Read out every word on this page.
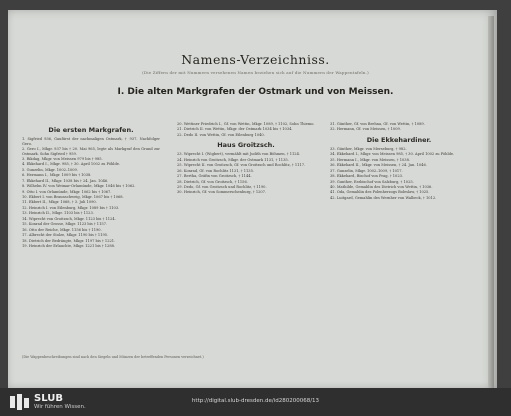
Namens-Verzeichniss.
(Die Ziffern der mit Nummern versehenen Namen beziehen sich auf die Nummern der Wappentafeln.)
I. Die alten Markgrafen der Ostmark und von Meissen.
Die ersten Markgrafen.
1. Sigfried 936, Gaufürst der nachmaligen Ostmark, † 937. Nachfolger Gero.
2. Gero I., Mkgr. 937 bis † 20. Mai 965, legte als Markgraf den Grund zur Ostmark. Sohn Sigfried † 959.
3. Rikdag, Mkgr. von Meissen 979 bis † 985.
4. Ekkehard I., Mkgr. 985, † 30. April 1002 zu Pöhlde.
5. Gunzelin, Mkgr. 1002–1009.
6. Hermann I., Mkgr. 1009 bis † 1038.
7. Ekkehard II., Mkgr. 1038 bis † 24. Jan. 1046.
8. Wilhelm IV. von Weimar-Orlamünde, Mkgr. 1046 bis † 1062.
9. Otto I. von Orlamünde, Mkgr. 1062 bis † 1067.
10. Ekbert I. von Braunschweig, Mkgr. 1067 bis † 1068.
11. Ekbert II., Mkgr. 1068, † 3. Juli 1090.
12. Heinrich I. von Eilenburg, Mkgr. 1089 bis † 1103.
13. Heinrich II., Mkgr. 1103 bis † 1123.
14. Wiprecht von Groitzsch, Mkgr. 1123 bis † 1124.
15. Konrad der Grosse, Mkgr. 1123 bis † 1157.
16. Otto der Reiche, Mkgr. 1156 bis † 1190.
17. Albrecht der Stolze, Mkgr. 1190 bis † 1195.
18. Dietrich der Bedrängte, Mkgr. 1197 bis † 1221.
19. Heinrich der Erlauchte, Mkgr. 1221 bis † 1288.
20. Wettiner Friedrich I., Gf. von Wettin, Mkgr. 1089, † 1102, Sohn Thiemo.
21. Dietrich II. von Wettin, Mkgr. der Ostmark 1034 bis † 1034.
22. Dedo II. von Wettin, Gf. von Eilenburg 1040.
Haus Groitzsch.
23. Wiprecht I. (Wigbert), vermählt mit Judith von Böhmen, † 1124.
24. Heinrich von Groitzsch, Mkgr. der Ostmark 1131, † 1135.
25. Wiprecht II. von Groitzsch, Gf. von Groitzsch und Rochlitz, † 1117.
26. Konrad, Gf. von Rochlitz 1131, † 1135.
27. Bertha, Gräfin von Groitzsch, † 1144.
28. Dietrich, Gf. von Groitzsch, † 1156.
29. Dedo, Gf. von Groitzsch und Rochlitz, † 1190.
30. Heinrich, Gf. von Sommerschenburg, † 1207.
31. Günther, Gf. von Brehna, Gf. von Wettin, † 1089.
32. Hermann, Gf. von Meissen, † 1009.
Die Ekkehardiner.
33. Günther, Mkgr. von Merseburg, † 982.
34. Ekkehard I., Mkgr. von Meissen 985, † 30. April 1002 zu Pöhlde.
35. Hermann I., Mkgr. von Meissen, † 1038.
36. Ekkehard II., Mkgr. von Meissen, † 24. Jan. 1046.
37. Gunzelin, Mkgr. 1002–1009, † 1017.
38. Ekkehard, Bischof von Prag, † 1023.
39. Gunther, Erzbischof von Salzburg, † 1025.
40. Mathilde, Gemahlin des Dietrich von Wettin, † 1036.
41. Oda, Gemahlin des Polenherzogs Boleslaw, † 1025.
42. Luitgard, Gemahlin des Wernher von Walbeck, † 1012.
(Die Wappenbeschreibungen sind nach den Siegeln und Münzen der betreffenden Personen verzeichnet.)
SLUB
Wir führen Wissen.
http://digital.slub-dresden.de/id280200068/13
